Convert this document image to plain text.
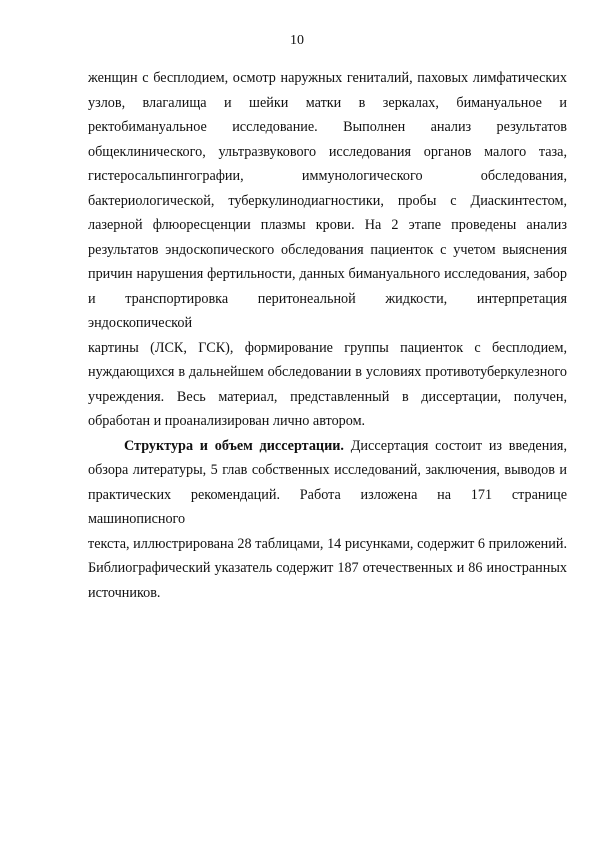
10
женщин с бесплодием, осмотр наружных гениталий, паховых лимфатических
узлов, влагалища и шейки матки в зеркалах, бимануальное и
ректобимануальное исследование. Выполнен анализ результатов
общеклинического, ультразвукового исследования органов малого таза,
гистеросальпингографии, иммунологического обследования,
бактериологической, туберкулинодиагностики, пробы с Диаскинтестом,
лазерной флюоресценции плазмы крови. На 2 этапе проведены анализ
результатов эндоскопического обследования пациенток с учетом выяснения
причин нарушения фертильности, данных бимануального исследования, забор
и транспортировка перитонеальной жидкости, интерпретация эндоскопической
картины (ЛСК, ГСК), формирование группы пациенток с бесплодием,
нуждающихся в дальнейшем обследовании в условиях противотуберкулезного
учреждения. Весь материал, представленный в диссертации, получен,
обработан и проанализирован лично автором.
Структура и объем диссертации. Диссертация состоит из введения,
обзора литературы, 5 глав собственных исследований, заключения, выводов и
практических рекомендаций. Работа изложена на 171 странице машинописного
текста, иллюстрирована 28 таблицами, 14 рисунками, содержит 6 приложений.
Библиографический указатель содержит 187 отечественных и 86 иностранных
источников.
